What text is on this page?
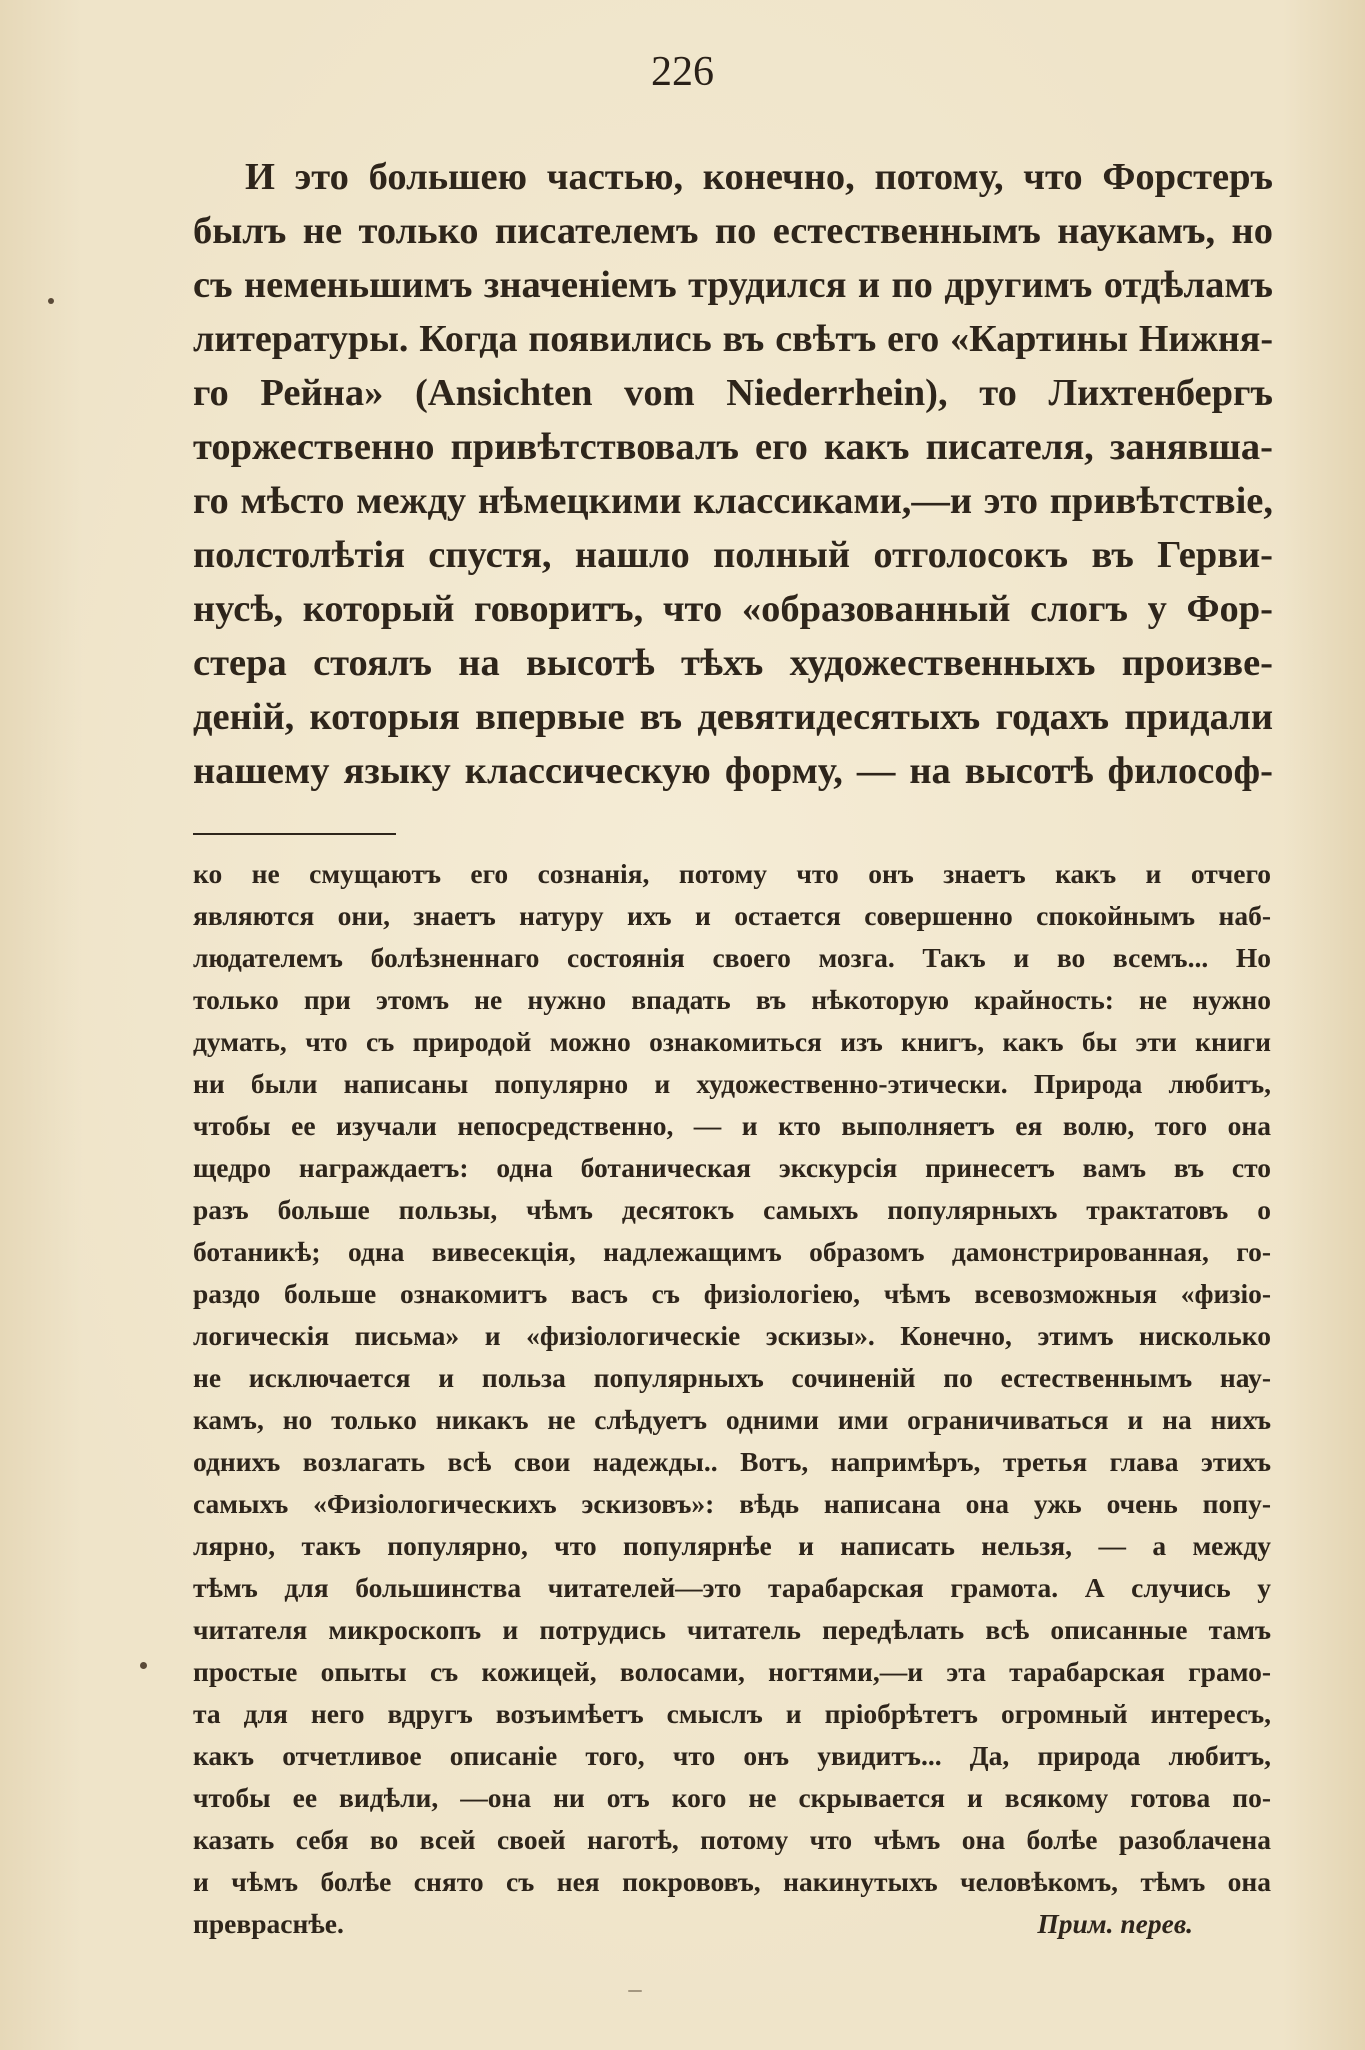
226
И это большею частью, конечно, потому, что Форстеръ
былъ не только писателемъ по естественнымъ наукамъ, но
съ неменьшимъ значенiемъ трудился и по другимъ отдѣламъ
литературы. Когда появились въ свѣтъ его «Картины Нижня-
го Рейна» (Ansichten vom Niederrhein), то Лихтенбергъ
торжественно привѣтствовалъ его какъ писателя, занявша-
го мѣсто между нѣмецкими классиками,—и это привѣтствiе,
полстолѣтiя спустя, нашло полный отголосокъ въ Герви-
нусѣ, который говоритъ, что «образованный слогъ у Фор-
стера стоялъ на высотѣ тѣхъ художественныхъ произве-
денiй, которыя впервые въ девятидесятыхъ годахъ придали
нашему языку классическую форму, — на высотѣ философ-
ко не смущаютъ его сознанiя, потому что онъ знаетъ какъ и отчего
являются они, знаетъ натуру ихъ и остается совершенно спокойнымъ наб-
людателемъ болѣзненнаго состоянiя своего мозга. Такъ и во всемъ... Но
только при этомъ не нужно впадать въ нѣкоторую крайность: не нужно
думать, что съ природой можно ознакомиться изъ книгъ, какъ бы эти книги
ни были написаны популярно и художественно-этически. Природа любитъ,
чтобы ее изучали непосредственно, — и кто выполняетъ ея волю, того она
щедро награждаетъ: одна ботаническая экскурсiя принесетъ вамъ въ сто
разъ больше пользы, чѣмъ десятокъ самыхъ популярныхъ трактатовъ о
ботаникѣ; одна вивесекцiя, надлежащимъ образомъ дамонстрированная, го-
раздо больше ознакомитъ васъ съ физiологiею, чѣмъ всевозможныя «физiо-
логическiя письма» и «физiологическiе эскизы». Конечно, этимъ нисколько
не исключается и польза популярныхъ сочиненiй по естественнымъ нау-
камъ, но только никакъ не слѣдуетъ одними ими ограничиваться и на нихъ
однихъ возлагать всѣ свои надежды.. Вотъ, напримѣръ, третья глава этихъ
самыхъ «Физiологическихъ эскизовъ»: вѣдь написана она ужь очень попу-
лярно, такъ популярно, что популярнѣе и написать нельзя, — а между
тѣмъ для большинства читателей—это тарабарская грамота. А случись у
читателя микроскопъ и потрудись читатель передѣлать всѣ описанные тамъ
простые опыты съ кожицей, волосами, ногтями,—и эта тарабарская грамо-
та для него вдругъ возъимѣетъ смыслъ и прiобрѣтетъ огромный интересъ,
какъ отчетливое описанiе того, что онъ увидитъ... Да, природа любитъ,
чтобы ее видѣли, —она ни отъ кого не скрывается и всякому готова по-
казать себя во всей своей наготѣ, потому что чѣмъ она болѣе разоблачена
и чѣмъ болѣе снято съ нея покрововъ, накинутыхъ человѣкомъ, тѣмъ она
превраснѣе.	Прим. перев.
